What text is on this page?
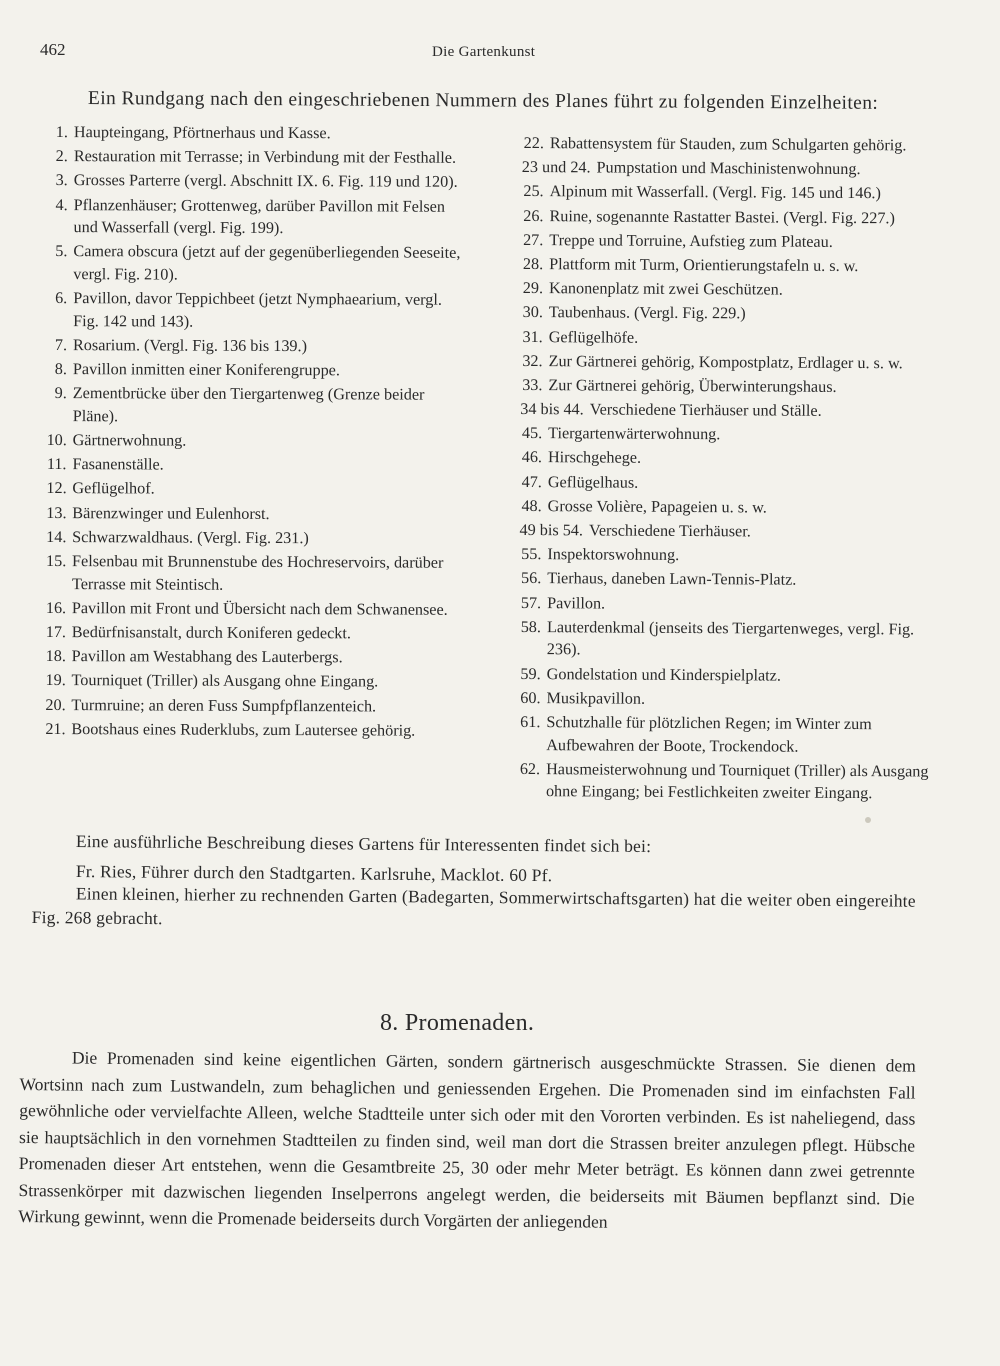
462	Die Gartenkunst
Ein Rundgang nach den eingeschriebenen Nummern des Planes führt zu folgenden Einzelheiten:
1. Haupteingang, Pförtnerhaus und Kasse.
2. Restauration mit Terrasse; in Verbindung mit der Festhalle.
3. Grosses Parterre (vergl. Abschnitt IX. 6. Fig. 119 und 120).
4. Pflanzenhäuser; Grottenweg, darüber Pavillon mit Felsen und Wasserfall (vergl. Fig. 199).
5. Camera obscura (jetzt auf der gegenüberliegenden Seeseite, vergl. Fig. 210).
6. Pavillon, davor Teppichbeet (jetzt Nymphaearium, vergl. Fig. 142 und 143).
7. Rosarium. (Vergl. Fig. 136 bis 139.)
8. Pavillon inmitten einer Koniferengruppe.
9. Zementbrücke über den Tiergartenweg (Grenze beider Pläne).
10. Gärtnerwohnung.
11. Fasanenställe.
12. Geflügelhof.
13. Bärenzwinger und Eulenhorst.
14. Schwarzwaldhaus. (Vergl. Fig. 231.)
15. Felsenbau mit Brunnenstube des Hochreservoirs, darüber Terrasse mit Steintisch.
16. Pavillon mit Front und Übersicht nach dem Schwanensee.
17. Bedürfnisanstalt, durch Koniferen gedeckt.
18. Pavillon am Westabhang des Lauterbergs.
19. Tourniquet (Triller) als Ausgang ohne Eingang.
20. Turmruine; an deren Fuss Sumpfpflanzenteich.
21. Bootshaus eines Ruderklubs, zum Lautersee gehörig.
22. Rabattensystem für Stauden, zum Schulgarten gehörig.
23 und 24. Pumpstation und Maschinistenwohnung.
25. Alpinum mit Wasserfall. (Vergl. Fig. 145 und 146.)
26. Ruine, sogenannte Rastatter Bastei. (Vergl. Fig. 227.)
27. Treppe und Torruine, Aufstieg zum Plateau.
28. Plattform mit Turm, Orientierungstafeln u. s. w.
29. Kanonenplatz mit zwei Geschützen.
30. Taubenhaus. (Vergl. Fig. 229.)
31. Geflügelhöfe.
32. Zur Gärtnerei gehörig, Kompostplatz, Erdlager u. s. w.
33. Zur Gärtnerei gehörig, Überwinterungshaus.
34 bis 44. Verschiedene Tierhäuser und Ställe.
45. Tiergartenwärterwohnung.
46. Hirschgehege.
47. Geflügelhaus.
48. Grosse Volière, Papageien u. s. w.
49 bis 54. Verschiedene Tierhäuser.
55. Inspektorswohnung.
56. Tierhaus, daneben Lawn-Tennis-Platz.
57. Pavillon.
58. Lauterdenkmal (jenseits des Tiergartenweges, vergl. Fig. 236).
59. Gondelstation und Kinderspielplatz.
60. Musikpavillon.
61. Schutzhalle für plötzlichen Regen; im Winter zum Aufbewahren der Boote, Trockendock.
62. Hausmeisterwohnung und Tourniquet (Triller) als Ausgang ohne Eingang; bei Festlichkeiten zweiter Eingang.
Eine ausführliche Beschreibung dieses Gartens für Interessenten findet sich bei:
Fr. Ries, Führer durch den Stadtgarten. Karlsruhe, Macklot. 60 Pf.
Einen kleinen, hierher zu rechnenden Garten (Badegarten, Sommerwirtschaftsgarten) hat die weiter oben eingereihte Fig. 268 gebracht.
8. Promenaden.
Die Promenaden sind keine eigentlichen Gärten, sondern gärtnerisch ausgeschmückte Strassen. Sie dienen dem Wortsinn nach zum Lustwandeln, zum behaglichen und geniessenden Ergehen. Die Promenaden sind im einfachsten Fall gewöhnliche oder vervielfachte Alleen, welche Stadtteile unter sich oder mit den Vororten verbinden. Es ist naheliegend, dass sie hauptsächlich in den vornehmen Stadtteilen zu finden sind, weil man dort die Strassen breiter anzulegen pflegt. Hübsche Promenaden dieser Art entstehen, wenn die Gesamtbreite 25, 30 oder mehr Meter beträgt. Es können dann zwei getrennte Strassenkörper mit dazwischen liegenden Inselperrons angelegt werden, die beiderseits mit Bäumen bepflanzt sind. Die Wirkung gewinnt, wenn die Promenade beiderseits durch Vorgärten der anliegenden
